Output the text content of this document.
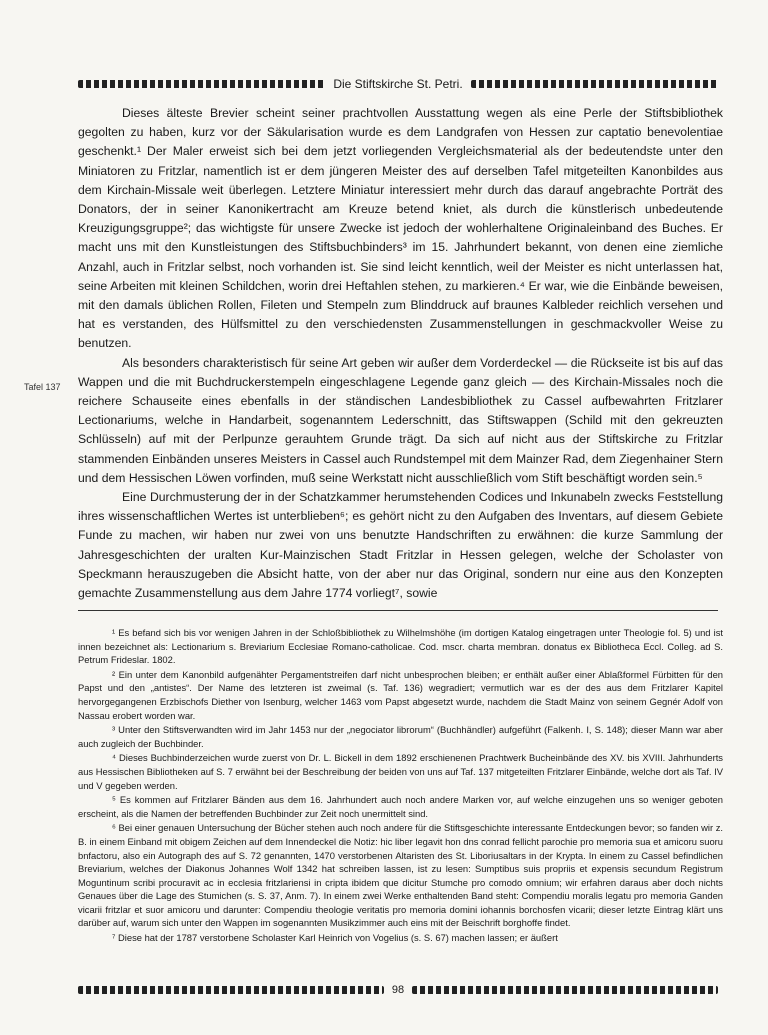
Die Stiftskirche St. Petri.
Tafel 137

Dieses älteste Brevier scheint seiner prachtvollen Ausstattung wegen als eine Perle der Stiftsbibliothek gegolten zu haben, kurz vor der Säkularisation wurde es dem Landgrafen von Hessen zur captatio benevolentiae geschenkt.¹ Der Maler erweist sich bei dem jetzt vorliegenden Vergleichsmaterial als der bedeutendste unter den Miniatoren zu Fritzlar, namentlich ist er dem jüngeren Meister des auf derselben Tafel mitgeteilten Kanonbildes aus dem Kirchain-Missale weit überlegen. Letztere Miniatur interessiert mehr durch das darauf angebrachte Porträt des Donators, der in seiner Kanonikertracht am Kreuze betend kniet, als durch die künstlerisch unbedeutende Kreuzigungsgruppe²; das wichtigste für unsere Zwecke ist jedoch der wohlerhaltene Originaleinband des Buches. Er macht uns mit den Kunstleistungen des Stiftsbuchbinders³ im 15. Jahrhundert bekannt, von denen eine ziemliche Anzahl, auch in Fritzlar selbst, noch vorhanden ist. Sie sind leicht kenntlich, weil der Meister es nicht unterlassen hat, seine Arbeiten mit kleinen Schildchen, worin drei Heftahlen stehen, zu markieren.⁴ Er war, wie die Einbände beweisen, mit den damals üblichen Rollen, Fileten und Stempeln zum Blinddruck auf braunes Kalbleder reichlich versehen und hat es verstanden, des Hülfsmittel zu den verschiedensten Zusammenstellungen in geschmackvoller Weise zu benutzen.

Als besonders charakteristisch für seine Art geben wir außer dem Vorderdeckel — die Rückseite ist bis auf das Wappen und die mit Buchdruckerstempeln eingeschlagene Legende ganz gleich — des Kirchain-Missales noch die reichere Schauseite eines ebenfalls in der ständischen Landesbibliothek zu Cassel aufbewahrten Fritzlarer Lectionariums, welche in Handarbeit, sogenanntem Lederschnitt, das Stiftswappen (Schild mit den gekreuzten Schlüsseln) auf mit der Perlpunze gerauhtem Grunde trägt. Da sich auf nicht aus der Stiftskirche zu Fritzlar stammenden Einbänden unseres Meisters in Cassel auch Rundstempel mit dem Mainzer Rad, dem Ziegenhainer Stern und dem Hessischen Löwen vorfinden, muß seine Werkstatt nicht ausschließlich vom Stift beschäftigt worden sein.⁵

Eine Durchmusterung der in der Schatzkammer herumstehenden Codices und Inkunabeln zwecks Feststellung ihres wissenschaftlichen Wertes ist unterblieben⁶; es gehört nicht zu den Aufgaben des Inventars, auf diesem Gebiete Funde zu machen, wir haben nur zwei von uns benutzte Handschriften zu erwähnen: die kurze Sammlung der Jahresgeschichten der uralten Kur-Mainzischen Stadt Fritzlar in Hessen gelegen, welche der Scholaster von Speckmann herauszugeben die Absicht hatte, von der aber nur das Original, sondern nur eine aus den Konzepten gemachte Zusammenstellung aus dem Jahre 1774 vorliegt⁷, sowie

¹ Es befand sich bis vor wenigen Jahren in der Schloßbibliothek zu Wilhelmshöhe (im dortigen Katalog eingetragen unter Theologie fol. 5) und ist innen bezeichnet als: Lectionarium s. Breviarium Ecclesiae Romano-catholicae. Cod. mscr. charta membran. donatus ex Bibliotheca Eccl. Colleg. ad S. Petrum Frideslar. 1802.

² Ein unter dem Kanonbild aufgenähter Pergamentstreifen darf nicht unbesprochen bleiben; er enthält außer einer Ablaßformel Fürbitten für den Papst und den „antistes“. Der Name des letzteren ist zweimal (s. Taf. 136) wegradiert; vermutlich war es der des aus dem Fritzlarer Kapitel hervorgegangenen Erzbischofs Diether von Isenburg, welcher 1463 vom Papst abgesetzt wurde, nachdem die Stadt Mainz von seinem Gegnér Adolf von Nassau erobert worden war.

³ Unter den Stiftsverwandten wird im Jahr 1453 nur der „negociator librorum“ (Buchhändler) aufgeführt (Falkenh. I, S. 148); dieser Mann war aber auch zugleich der Buchbinder.

⁴ Dieses Buchbinderzeichen wurde zuerst von Dr. L. Bickell in dem 1892 erschienenen Prachtwerk Bucheinbände des XV. bis XVIII. Jahrhunderts aus Hessischen Bibliotheken auf S. 7 erwähnt bei der Beschreibung der beiden von uns auf Taf. 137 mitgeteilten Fritzlarer Einbände, welche dort als Taf. IV und V gegeben werden.

⁵ Es kommen auf Fritzlarer Bänden aus dem 16. Jahrhundert auch noch andere Marken vor, auf welche einzugehen uns so weniger geboten erscheint, als die Namen der betreffenden Buchbinder zur Zeit noch unermittelt sind.

⁶ Bei einer genauen Untersuchung der Bücher stehen auch noch andere für die Stiftsgeschichte interessante Entdeckungen bevor; so fanden wir z. B. in einem Einband mit obigem Zeichen auf dem Innendeckel die Notiz: hic liber legavit hon dns conrad fellicht parochie pro memoria sua et amicoru suoru bnfactoru, also ein Autograph des auf S. 72 genannten, 1470 verstorbenen Altaristen des St. Liboriusaltars in der Krypta. In einem zu Cassel befindlichen Breviarium, welches der Diakonus Johannes Wolf 1342 hat schreiben lassen, ist zu lesen: Sumptibus suis propriis et expensis secundum Registrum Moguntinum scribi procuravit ac in ecclesia fritzlariensi in cripta ibidem que dicitur Stumche pro comodo omnium; wir erfahren daraus aber doch nichts Genaues über die Lage des Stumichen (s. S. 37, Anm. 7). In einem zwei Werke enthaltenden Band steht: Compendiu moralis legatu pro memoria Ganden vicarii fritzlar et suor amicoru und darunter: Compendiu theologie veritatis pro memoria domini iohannis borchosfen vicarii; dieser letzte Eintrag klärt uns darüber auf, warum sich unter den Wappen im sogenannten Musikzimmer auch eins mit der Beischrift borghoffe findet.

⁷ Diese hat der 1787 verstorbene Scholaster Karl Heinrich von Vogelius (s. S. 67) machen lassen; er äußert

98
